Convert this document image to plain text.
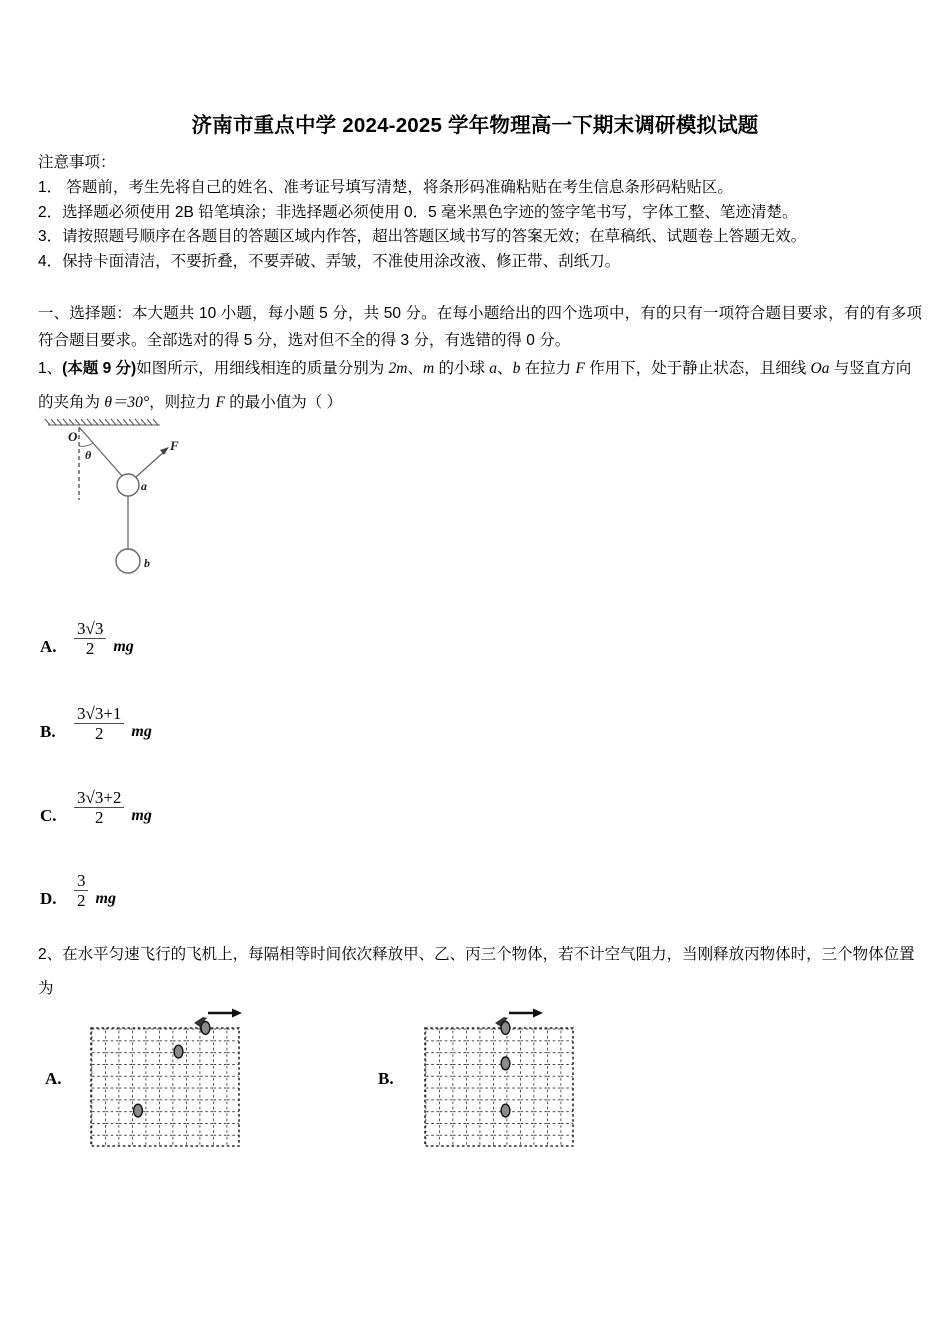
济南市重点中学 2024-2025 学年物理高一下期末调研模拟试题
注意事项：
1． 答题前，考生先将自己的姓名、准考证号填写清楚，将条形码准确粘贴在考生信息条形码粘贴区。
2．选择题必须使用 2B 铅笔填涂；非选择题必须使用 0．5 毫米黑色字迹的签字笔书写，字体工整、笔迹清楚。
3．请按照题号顺序在各题目的答题区域内作答，超出答题区域书写的答案无效；在草稿纸、试题卷上答题无效。
4．保持卡面清洁，不要折叠，不要弄破、弄皱，不准使用涂改液、修正带、刮纸刀。
一、选择题：本大题共 10 小题，每小题 5 分，共 50 分。在每小题给出的四个选项中，有的只有一项符合题目要求，有的有多项符合题目要求。全部选对的得 5 分，选对但不全的得 3 分，有选错的得 0 分。
1、(本题 9 分)如图所示，用细线相连的质量分别为 2m、m 的小球 a、b 在拉力 F 作用下，处于静止状态，且细线 Oa 与竖直方向的夹角为 θ＝30°，则拉力 F 的最小值为（ ）
O
θ
F
a
b
A.	$\frac{3√3}{2}$ mg
B.	$\frac{3√3+1}{2}$ mg
C.	$\frac{3√3+2}{2}$ mg
D.	$\frac{3}{2}$ mg
2、在水平匀速飞行的飞机上，每隔相等时间依次释放甲、乙、丙三个物体，若不计空气阻力，当刚释放丙物体时，三个物体位置为
A.	B.
